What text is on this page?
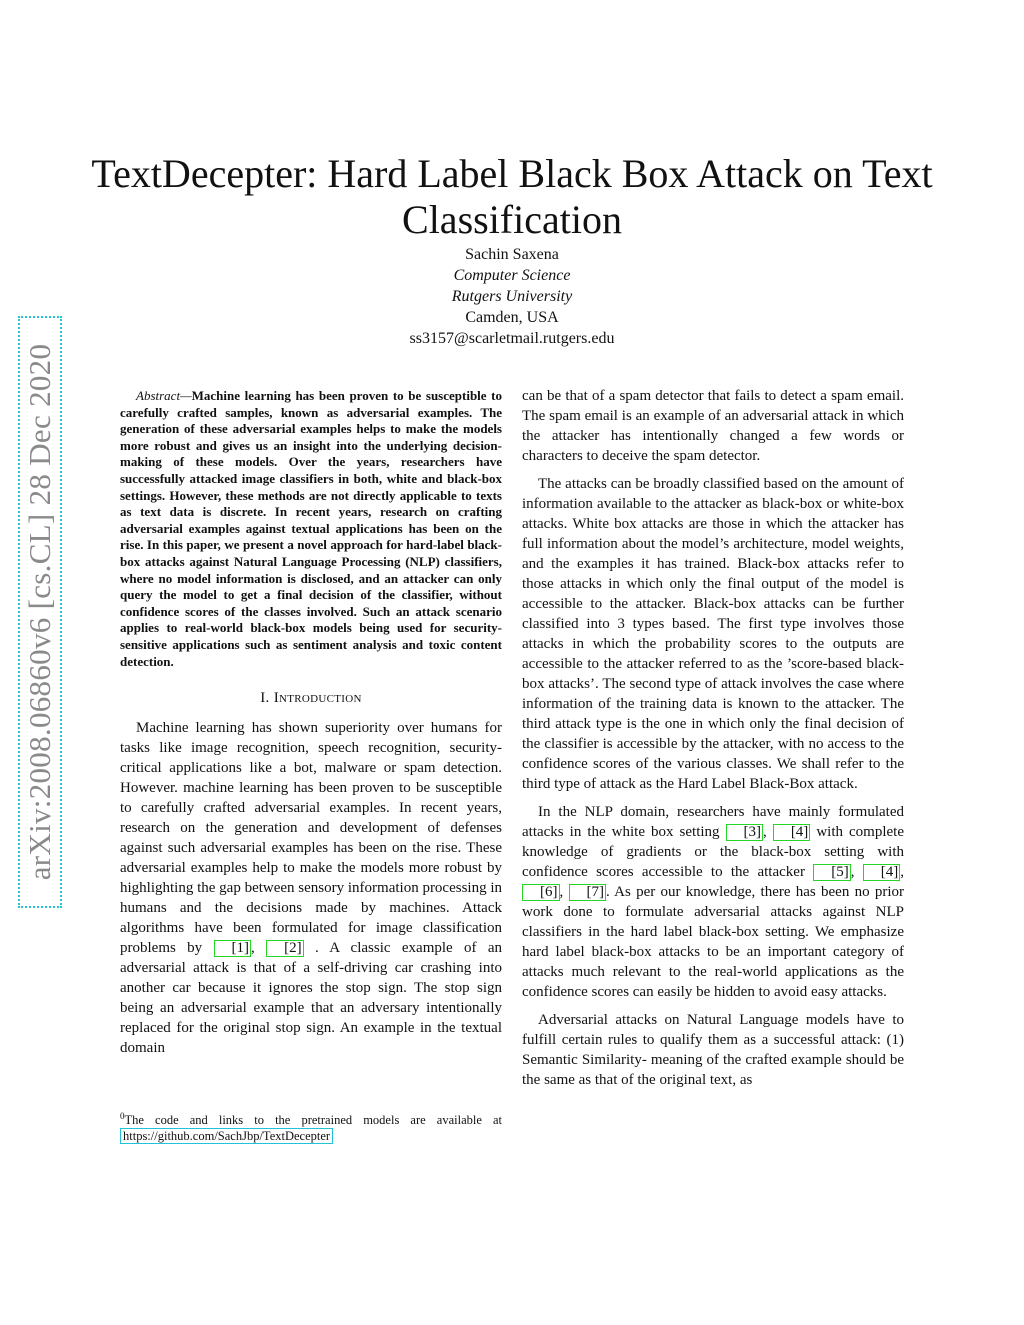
TextDecepter: Hard Label Black Box Attack on Text Classification
Sachin Saxena
Computer Science
Rutgers University
Camden, USA
ss3157@scarletmail.rutgers.edu
arXiv:2008.06860v6 [cs.CL] 28 Dec 2020	Abstract—Machine learning has been proven to be susceptible to carefully crafted samples, known as adversarial examples. The generation of these adversarial examples helps to make the models more robust and gives us an insight into the underlying decision-making of these models. Over the years, researchers have successfully attacked image classifiers in both, white and black-box settings. However, these methods are not directly applicable to texts as text data is discrete. In recent years, research on crafting adversarial examples against textual applications has been on the rise. In this paper, we present a novel approach for hard-label black-box attacks against Natural Language Processing (NLP) classifiers, where no model information is disclosed, and an attacker can only query the model to get a final decision of the classifier, without confidence scores of the classes involved. Such an attack scenario applies to real-world black-box models being used for security-sensitive applications such as sentiment analysis and toxic content detection.

I. Introduction

Machine learning has shown superiority over humans for tasks like image recognition, speech recognition, security-critical applications like a bot, malware or spam detection. However. machine learning has been proven to be susceptible to carefully crafted adversarial examples. In recent years, research on the generation and development of defenses against such adversarial examples has been on the rise. These adversarial examples help to make the models more robust by highlighting the gap between sensory information processing in humans and the decisions made by machines. Attack algorithms have been formulated for image classification problems by [1] , [2] . A classic example of an adversarial attack is that of a self-driving car crashing into another car because it ignores the stop sign. The stop sign being an adversarial example that an adversary intentionally replaced for the original stop sign. An example in the textual domain

$^0$The code and links to the pretrained models are available at https://github.com/SachJbp/TextDecepter

can be that of a spam detector that fails to detect a spam email. The spam email is an example of an adversarial attack in which the attacker has intentionally changed a few words or characters to deceive the spam detector.

The attacks can be broadly classified based on the amount of information available to the attacker as black-box or white-box attacks. White box attacks are those in which the attacker has full information about the model’s architecture, model weights, and the examples it has trained. Black-box attacks refer to those attacks in which only the final output of the model is accessible to the attacker. Black-box attacks can be further classified into 3 types based. The first type involves those attacks in which the probability scores to the outputs are accessible to the attacker referred to as the ’score-based black-box attacks’. The second type of attack involves the case where information of the training data is known to the attacker. The third attack type is the one in which only the final decision of the classifier is accessible by the attacker, with no access to the confidence scores of the various classes. We shall refer to the third type of attack as the Hard Label Black-Box attack.

In the NLP domain, researchers have mainly formulated attacks in the white box setting [3] , [4] with complete knowledge of gradients or the black-box setting with confidence scores accessible to the attacker [5] , [4] , [6] , [7] . As per our knowledge, there has been no prior work done to formulate adversarial attacks against NLP classifiers in the hard label black-box setting. We emphasize hard label black-box attacks to be an important category of attacks much relevant to the real-world applications as the confidence scores can easily be hidden to avoid easy attacks.

Adversarial attacks on Natural Language models have to fulfill certain rules to qualify them as a successful attack: (1) Semantic Similarity- meaning of the crafted example should be the same as that of the original text, as
